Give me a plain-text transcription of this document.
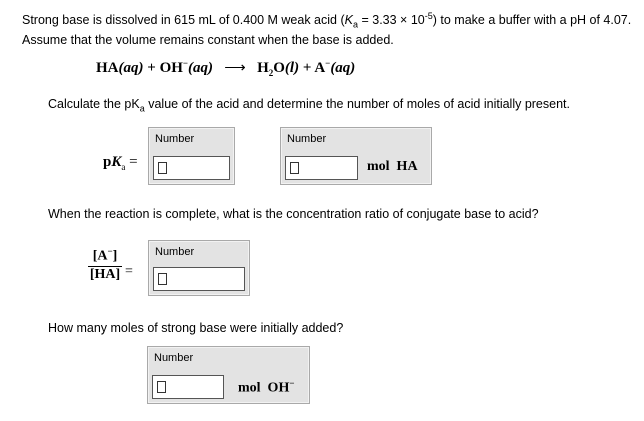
Strong base is dissolved in 615 mL of 0.400 M weak acid $(K_a = 3.33 \times 10^{-5})$ to make a buffer with a pH of 4.07.
Assume that the volume remains constant when the base is added.
HA(aq) + OH−(aq) ⟶ $H_2O(l) + A^-(aq)$
Calculate the $pK_a$ value of the acid and determine the number of moles of acid initially present.
$pK_a$ =
Number	Number
mol  HA
When the reaction is complete, what is the concentration ratio of conjugate base to acid?
$\frac{[A^-]}{[HA]}$ =
Number
How many moles of strong base were initially added?
Number
mol  OH−
